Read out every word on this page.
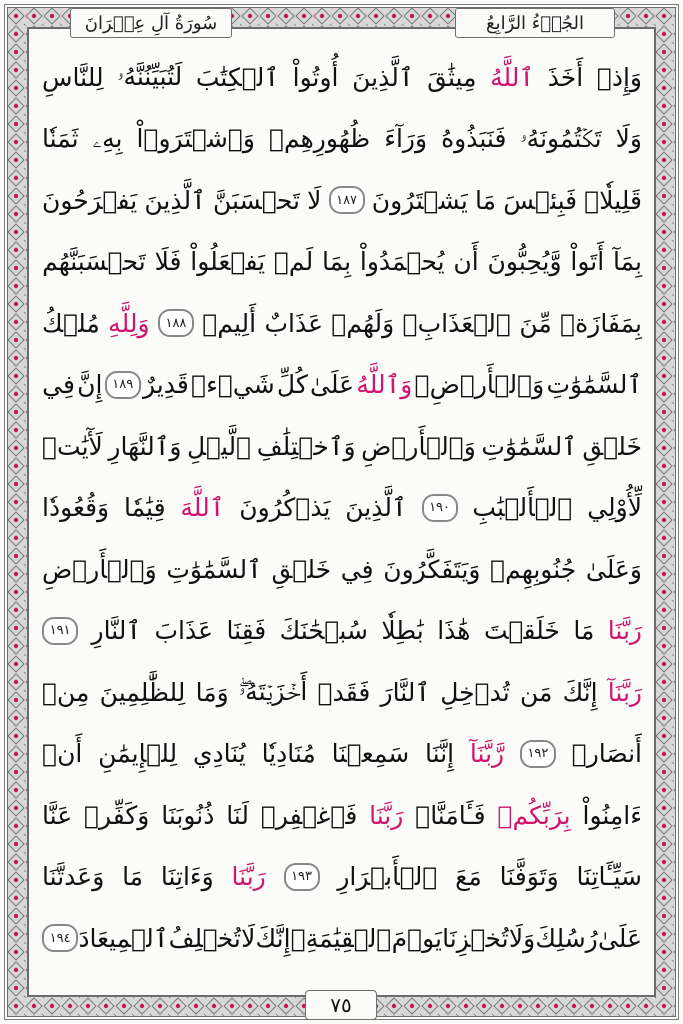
سُورَةُ آلِ عِمۡرَانَ	الجُزۡءُ الرَّابِعُ
وَإِذۡ
أَخَذَ
ٱللَّهُ
مِيثَٰقَ
ٱلَّذِينَ
أُوتُواْ
ٱلۡكِتَٰبَ
لَتُبَيِّنُنَّهُۥ
لِلنَّاسِ
وَلَا
تَكۡتُمُونَهُۥ
فَنَبَذُوهُ
وَرَآءَ
ظُهُورِهِمۡ
وَٱشۡتَرَوۡاْ
بِهِۦ
ثَمَنٗا
قَلِيلٗاۖ
فَبِئۡسَ
مَا
يَشۡتَرُونَ
١٨٧
لَا
تَحۡسَبَنَّ
ٱلَّذِينَ
يَفۡرَحُونَ
بِمَآ
أَتَواْ
وَّيُحِبُّونَ
أَن
يُحۡمَدُواْ
بِمَا
لَمۡ
يَفۡعَلُواْ
فَلَا
تَحۡسَبَنَّهُم
بِمَفَازَةٖ
مِّنَ
ٱلۡعَذَابِۖ
وَلَهُمۡ
عَذَابٌ
أَلِيمٞ
١٨٨
وَلِلَّهِ
مُلۡكُ
ٱلسَّمَٰوَٰتِ
وَٱلۡأَرۡضِۗ
وَٱللَّهُ
عَلَىٰ
كُلِّ
شَيۡءٖ
قَدِيرٌ
١٨٩
إِنَّ
فِي
خَلۡقِ
ٱلسَّمَٰوَٰتِ
وَٱلۡأَرۡضِ
وَٱخۡتِلَٰفِ
ٱلَّيۡلِ
وَٱلنَّهَارِ
لَأٓيَٰتٖ
لِّأُوْلِي
ٱلۡأَلۡبَٰبِ
١٩٠
ٱلَّذِينَ
يَذۡكُرُونَ
ٱللَّهَ
قِيَٰمٗا
وَقُعُودٗا
وَعَلَىٰ
جُنُوبِهِمۡ
وَيَتَفَكَّرُونَ
فِي
خَلۡقِ
ٱلسَّمَٰوَٰتِ
وَٱلۡأَرۡضِ
رَبَّنَا
مَا
خَلَقۡتَ
هَٰذَا
بَٰطِلٗا
سُبۡحَٰنَكَ
فَقِنَا
عَذَابَ
ٱلنَّارِ
١٩١
رَبَّنَآ
إِنَّكَ
مَن
تُدۡخِلِ
ٱلنَّارَ
فَقَدۡ
أَخۡزَيۡتَهُۥۖ
وَمَا
لِلظَّٰلِمِينَ
مِنۡ
أَنصَارٖ
١٩٢
رَّبَّنَآ
إِنَّنَا
سَمِعۡنَا
مُنَادِيٗا
يُنَادِي
لِلۡإِيمَٰنِ
أَنۡ
ءَامِنُواْ
بِرَبِّكُمۡ
فَـَٔامَنَّاۚ
رَبَّنَا
فَٱغۡفِرۡ
لَنَا
ذُنُوبَنَا
وَكَفِّرۡ
عَنَّا
سَيِّـَٔاتِنَا
وَتَوَفَّنَا
مَعَ
ٱلۡأَبۡرَارِ
١٩٣
رَبَّنَا
وَءَاتِنَا
مَا
وَعَدتَّنَا
عَلَىٰ
رُسُلِكَ
وَلَا
تُخۡزِنَا
يَوۡمَ
ٱلۡقِيَٰمَةِۖ
إِنَّكَ
لَا
تُخۡلِفُ
ٱلۡمِيعَادَ
١٩٤
٧٥
